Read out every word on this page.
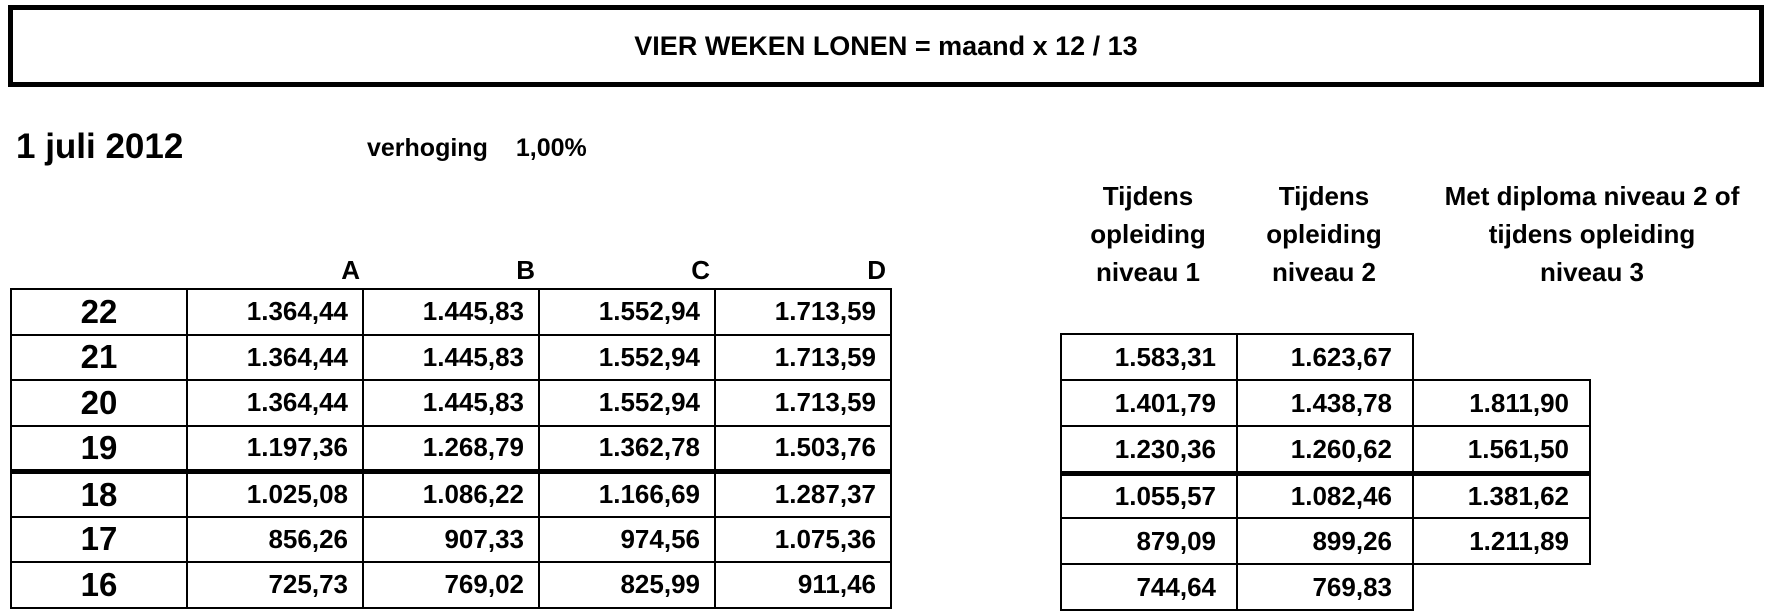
VIER WEKEN LONEN = maand x 12 / 13
1 juli 2012	verhoging 1,00%
A	B	C	D
22	1.364,44	1.445,83	1.552,94	1.713,59
21	1.364,44	1.445,83	1.552,94	1.713,59
20	1.364,44	1.445,83	1.552,94	1.713,59
19	1.197,36	1.268,79	1.362,78	1.503,76
18	1.025,08	1.086,22	1.166,69	1.287,37
17	856,26	907,33	974,56	1.075,36
16	725,73	769,02	825,99	911,46
Tijdens
opleiding
niveau 1
Tijdens
opleiding
niveau 2
Met diploma niveau 2 of
tijdens opleiding
niveau 3
1.583,31	1.623,67
1.401,79	1.438,78	1.811,90
1.230,36	1.260,62	1.561,50
1.055,57	1.082,46	1.381,62
879,09	899,26	1.211,89
744,64	769,83
